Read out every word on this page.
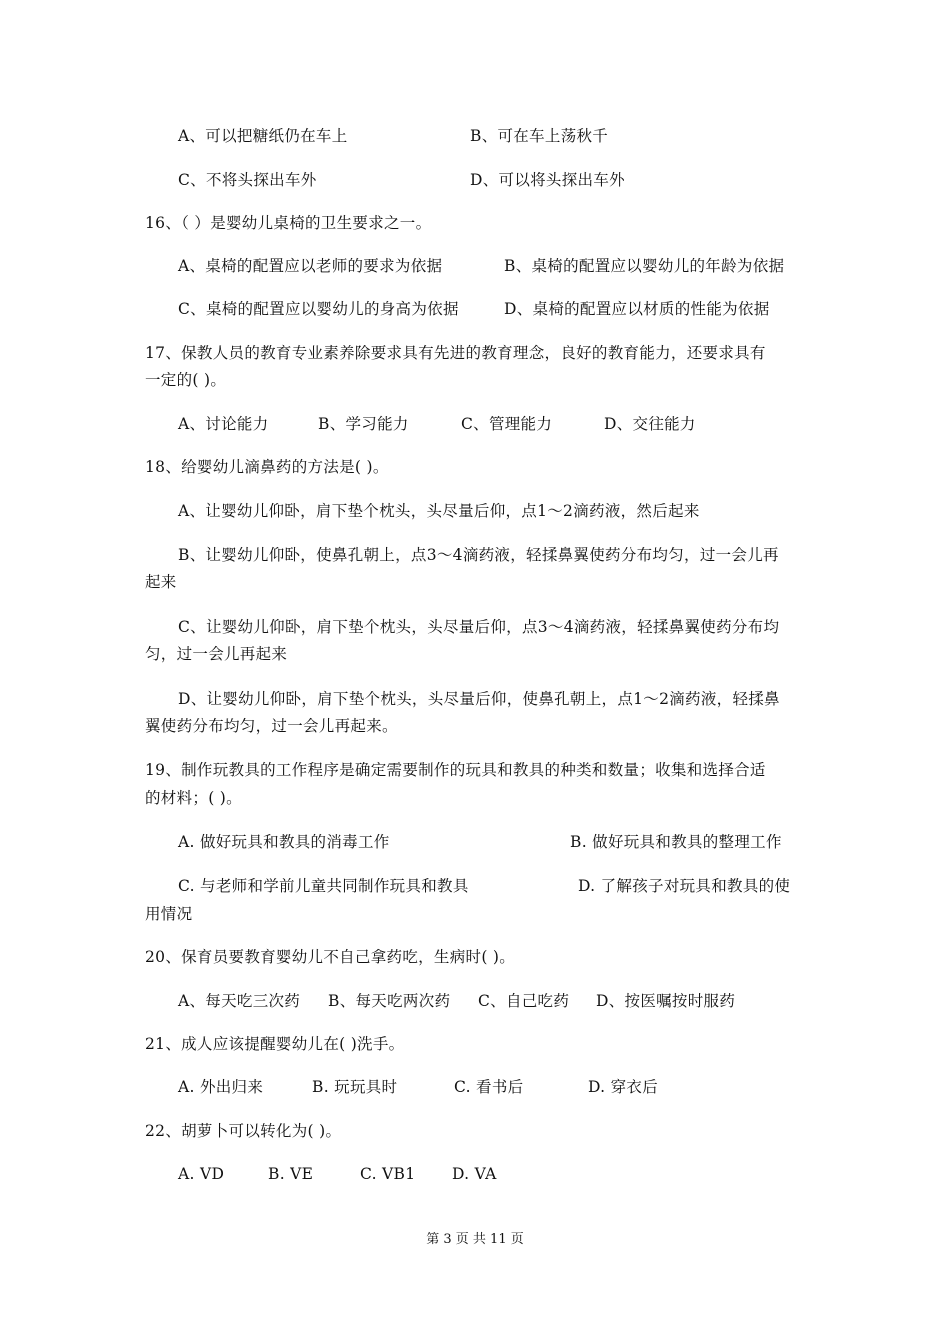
A、可以把糖纸仍在车上	B、可在车上荡秋千
C、不将头探出车外	D、可以将头探出车外
16、（ ）是婴幼儿桌椅的卫生要求之一。
A、桌椅的配置应以老师的要求为依据	B、桌椅的配置应以婴幼儿的年龄为依据
C、桌椅的配置应以婴幼儿的身高为依据	D、桌椅的配置应以材质的性能为依据
17、保教人员的教育专业素养除要求具有先进的教育理念，良好的教育能力，还要求具有
一定的( )。
A、讨论能力	B、学习能力	C、管理能力	D、交往能力
18、给婴幼儿滴鼻药的方法是( )。
A、让婴幼儿仰卧，肩下垫个枕头，头尽量后仰，点1～2滴药液，然后起来
B、让婴幼儿仰卧，使鼻孔朝上，点3～4滴药液，轻揉鼻翼使药分布均匀，过一会儿再
起来
C、让婴幼儿仰卧，肩下垫个枕头，头尽量后仰，点3～4滴药液，轻揉鼻翼使药分布均
匀，过一会儿再起来
D、让婴幼儿仰卧，肩下垫个枕头，头尽量后仰，使鼻孔朝上，点1～2滴药液，轻揉鼻
翼使药分布均匀，过一会儿再起来。
19、制作玩教具的工作程序是确定需要制作的玩具和教具的种类和数量；收集和选择合适
的材料；( )。
A. 做好玩具和教具的消毒工作	B. 做好玩具和教具的整理工作
C. 与老师和学前儿童共同制作玩具和教具	D. 了解孩子对玩具和教具的使
用情况
20、保育员要教育婴幼儿不自己拿药吃，生病时( )。
A、每天吃三次药 B、每天吃两次药 C、自己吃药 D、按医嘱按时服药
21、成人应该提醒婴幼儿在( )洗手。
A. 外出归来	B. 玩玩具时	C. 看书后	D. 穿衣后
22、胡萝卜可以转化为( )。
A. VD	B. VE	C. VB1 D. VA
第 3 页 共 11 页
